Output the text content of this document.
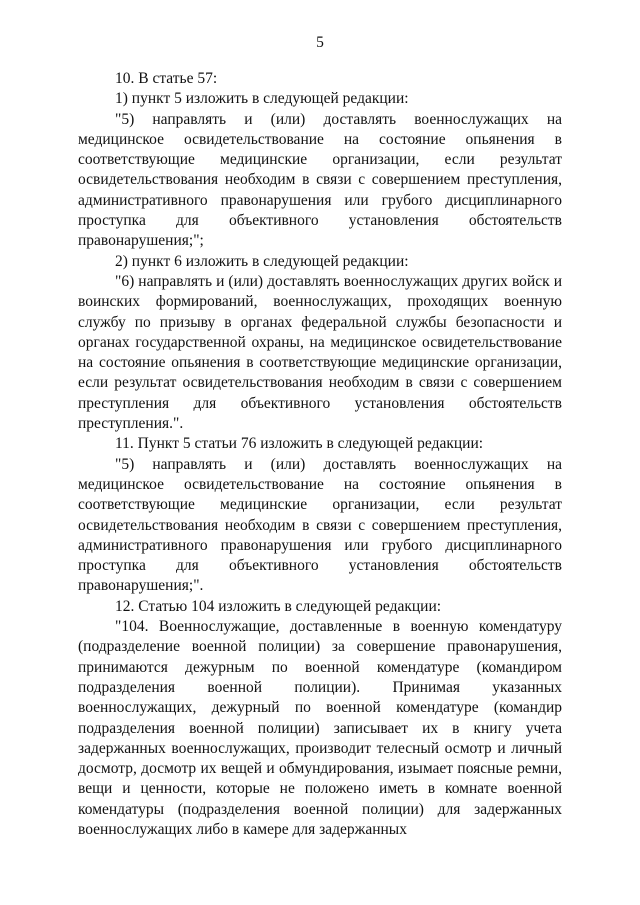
5

10. В статье 57:

1) пункт 5 изложить в следующей редакции:

"5) направлять и (или) доставлять военнослужащих на медицинское освидетельствование на состояние опьянения в соответствующие медицинские организации, если результат освидетельствования необходим в связи с совершением преступления, административного правонарушения или грубого дисциплинарного проступка для объективного установления обстоятельств правонарушения;";

2) пункт 6 изложить в следующей редакции:

"6) направлять и (или) доставлять военнослужащих других войск и воинских формирований, военнослужащих, проходящих военную службу по призыву в органах федеральной службы безопасности и органах государственной охраны, на медицинское освидетельствование на состояние опьянения в соответствующие медицинские организации, если результат освидетельствования необходим в связи с совершением преступления для объективного установления обстоятельств преступления.".

11. Пункт 5 статьи 76 изложить в следующей редакции:

"5) направлять и (или) доставлять военнослужащих на медицинское освидетельствование на состояние опьянения в соответствующие медицинские организации, если результат освидетельствования необходим в связи с совершением преступления, административного правонарушения или грубого дисциплинарного проступка для объективного установления обстоятельств правонарушения;".

12. Статью 104 изложить в следующей редакции:

"104. Военнослужащие, доставленные в военную комендатуру (подразделение военной полиции) за совершение правонарушения, принимаются дежурным по военной комендатуре (командиром подразделения военной полиции). Принимая указанных военнослужащих, дежурный по военной комендатуре (командир подразделения военной полиции) записывает их в книгу учета задержанных военнослужащих, производит телесный осмотр и личный досмотр, досмотр их вещей и обмундирования, изымает поясные ремни, вещи и ценности, которые не положено иметь в комнате военной комендатуры (подразделения военной полиции) для задержанных военнослужащих либо в камере для задержанных
